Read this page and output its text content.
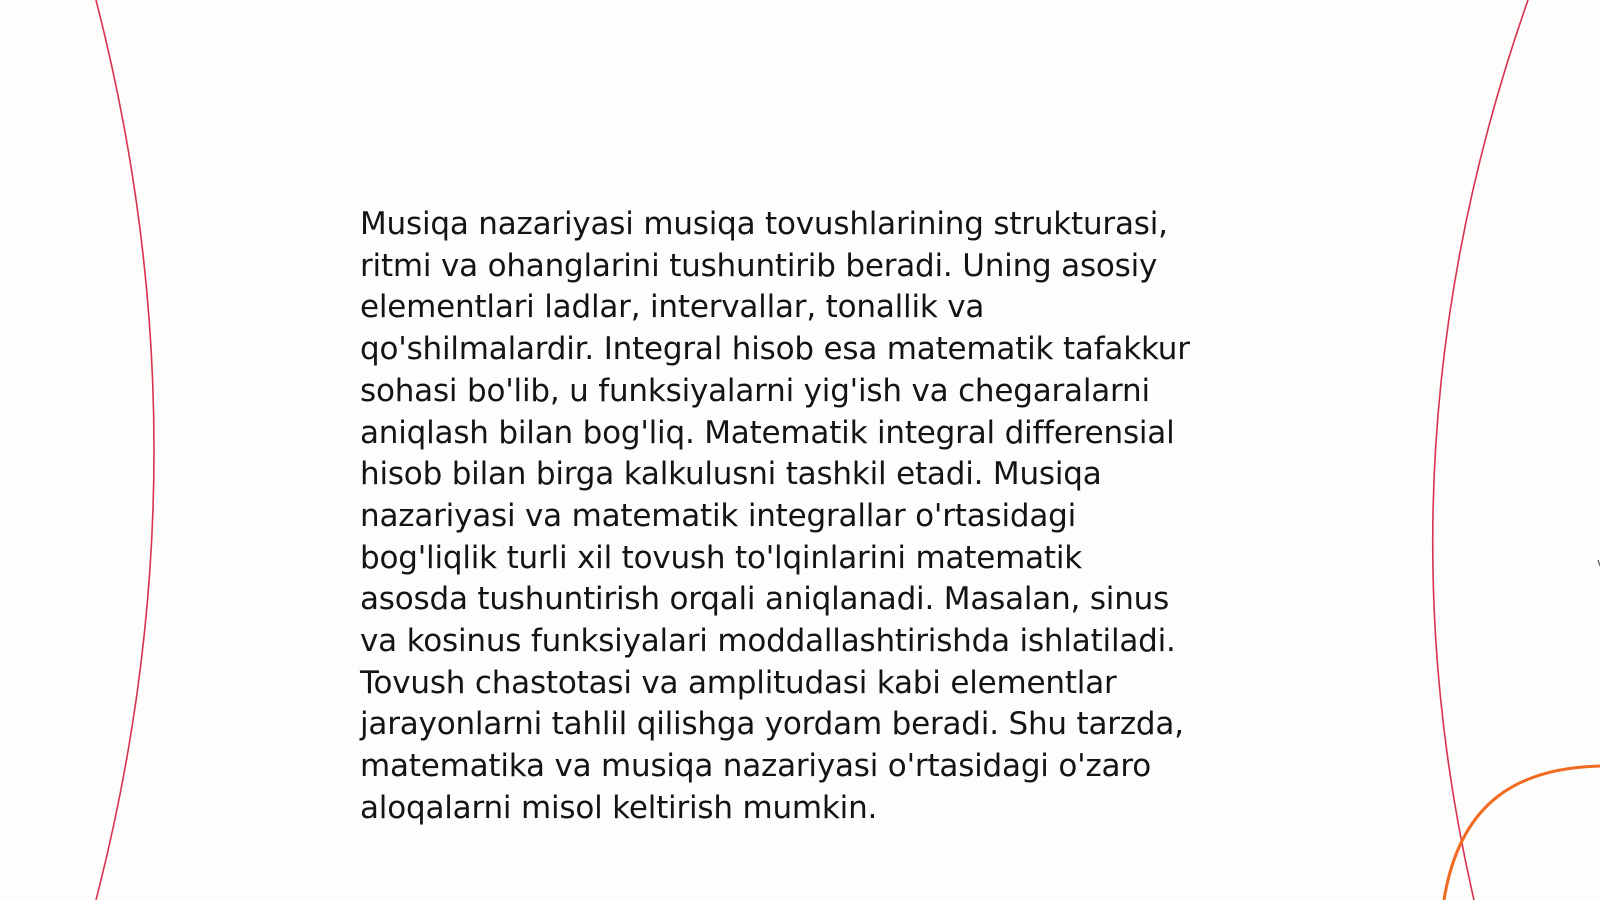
Musiqa nazariyasi musiqa tovushlarining strukturasi,
ritmi va ohanglarini tushuntirib beradi. Uning asosiy
elementlari ladlar, intervallar, tonallik va
qo'shilmalardir. Integral hisob esa matematik tafakkur
sohasi bo'lib, u funksiyalarni yig'ish va chegaralarni
aniqlash bilan bog'liq. Matematik integral differensial
hisob bilan birga kalkulusni tashkil etadi. Musiqa
nazariyasi va matematik integrallar o'rtasidagi
bog'liqlik turli xil tovush to'lqinlarini matematik
asosda tushuntirish orqali aniqlanadi. Masalan, sinus
va kosinus funksiyalari moddallashtirishda ishlatiladi.
Tovush chastotasi va amplitudasi kabi elementlar
jarayonlarni tahlil qilishga yordam beradi. Shu tarzda,
matematika va musiqa nazariyasi o'rtasidagi o'zaro
aloqalarni misol keltirish mumkin.
